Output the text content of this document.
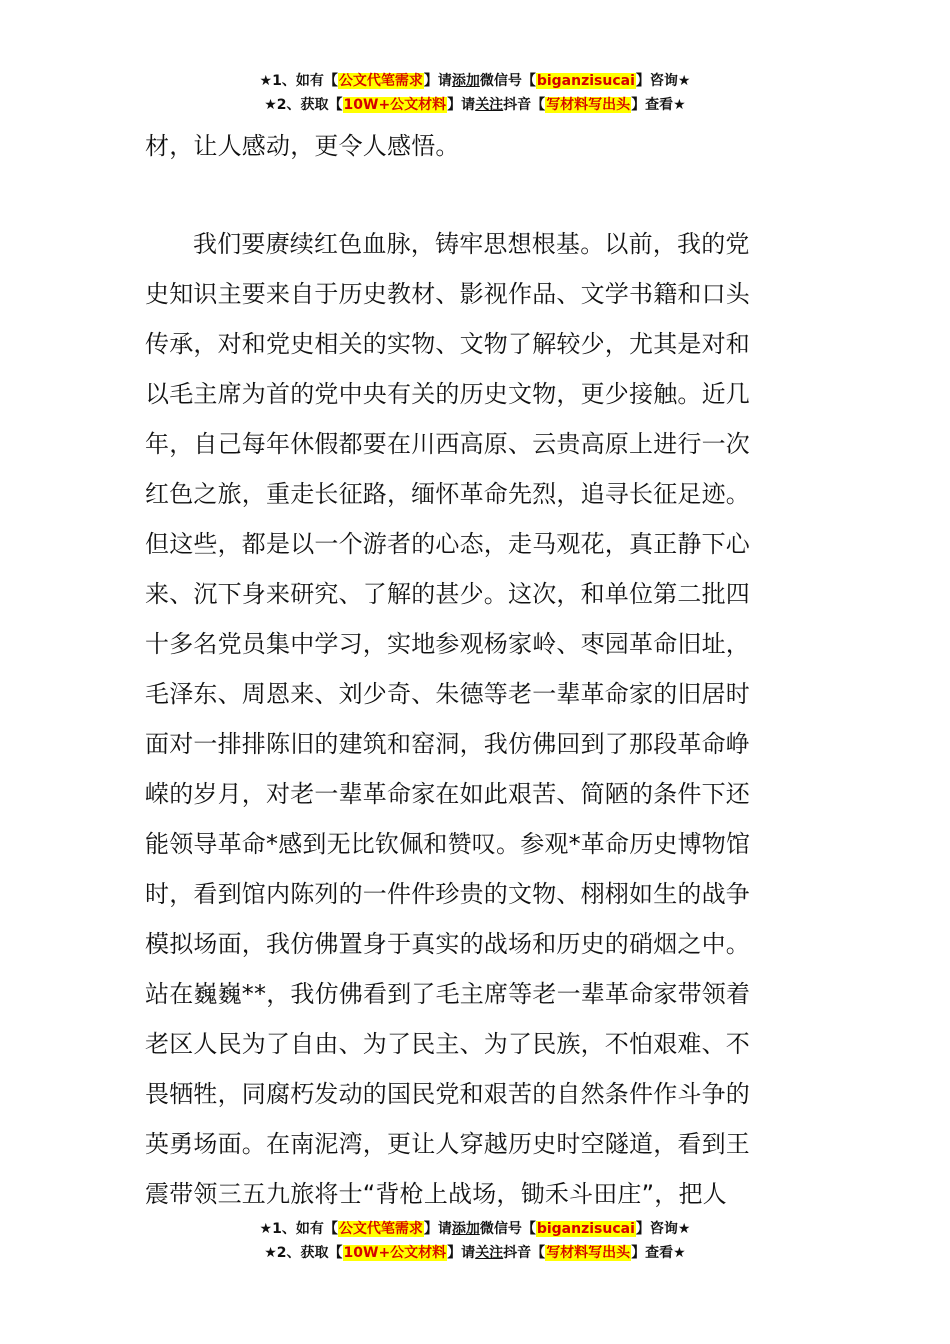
★1、如有【公文代笔需求】请添加微信号【biganzisucai】咨询★
★2、获取【10W+公文材料】请关注抖音【写材料写出头】查看★
材，让人感动，更令人感悟。
我们要赓续红色血脉，铸牢思想根基。以前，我的党
史知识主要来自于历史教材、影视作品、文学书籍和口头
传承，对和党史相关的实物、文物了解较少，尤其是对和
以毛主席为首的党中央有关的历史文物，更少接触。近几
年，自己每年休假都要在川西高原、云贵高原上进行一次
红色之旅，重走长征路，缅怀革命先烈，追寻长征足迹。
但这些，都是以一个游者的心态，走马观花，真正静下心
来、沉下身来研究、了解的甚少。这次，和单位第二批四
十多名党员集中学习，实地参观杨家岭、枣园革命旧址，
毛泽东、周恩来、刘少奇、朱德等老一辈革命家的旧居时
面对一排排陈旧的建筑和窑洞，我仿佛回到了那段革命峥
嵘的岁月，对老一辈革命家在如此艰苦、简陋的条件下还
能领导革命*感到无比钦佩和赞叹。参观*革命历史博物馆
时，看到馆内陈列的一件件珍贵的文物、栩栩如生的战争
模拟场面，我仿佛置身于真实的战场和历史的硝烟之中。
站在巍巍**，我仿佛看到了毛主席等老一辈革命家带领着
老区人民为了自由、为了民主、为了民族，不怕艰难、不
畏牺牲，同腐朽发动的国民党和艰苦的自然条件作斗争的
英勇场面。在南泥湾，更让人穿越历史时空隧道，看到王
震带领三五九旅将士“背枪上战场，锄禾斗田庄”，把人
★1、如有【公文代笔需求】请添加微信号【biganzisucai】咨询★
★2、获取【10W+公文材料】请关注抖音【写材料写出头】查看★
